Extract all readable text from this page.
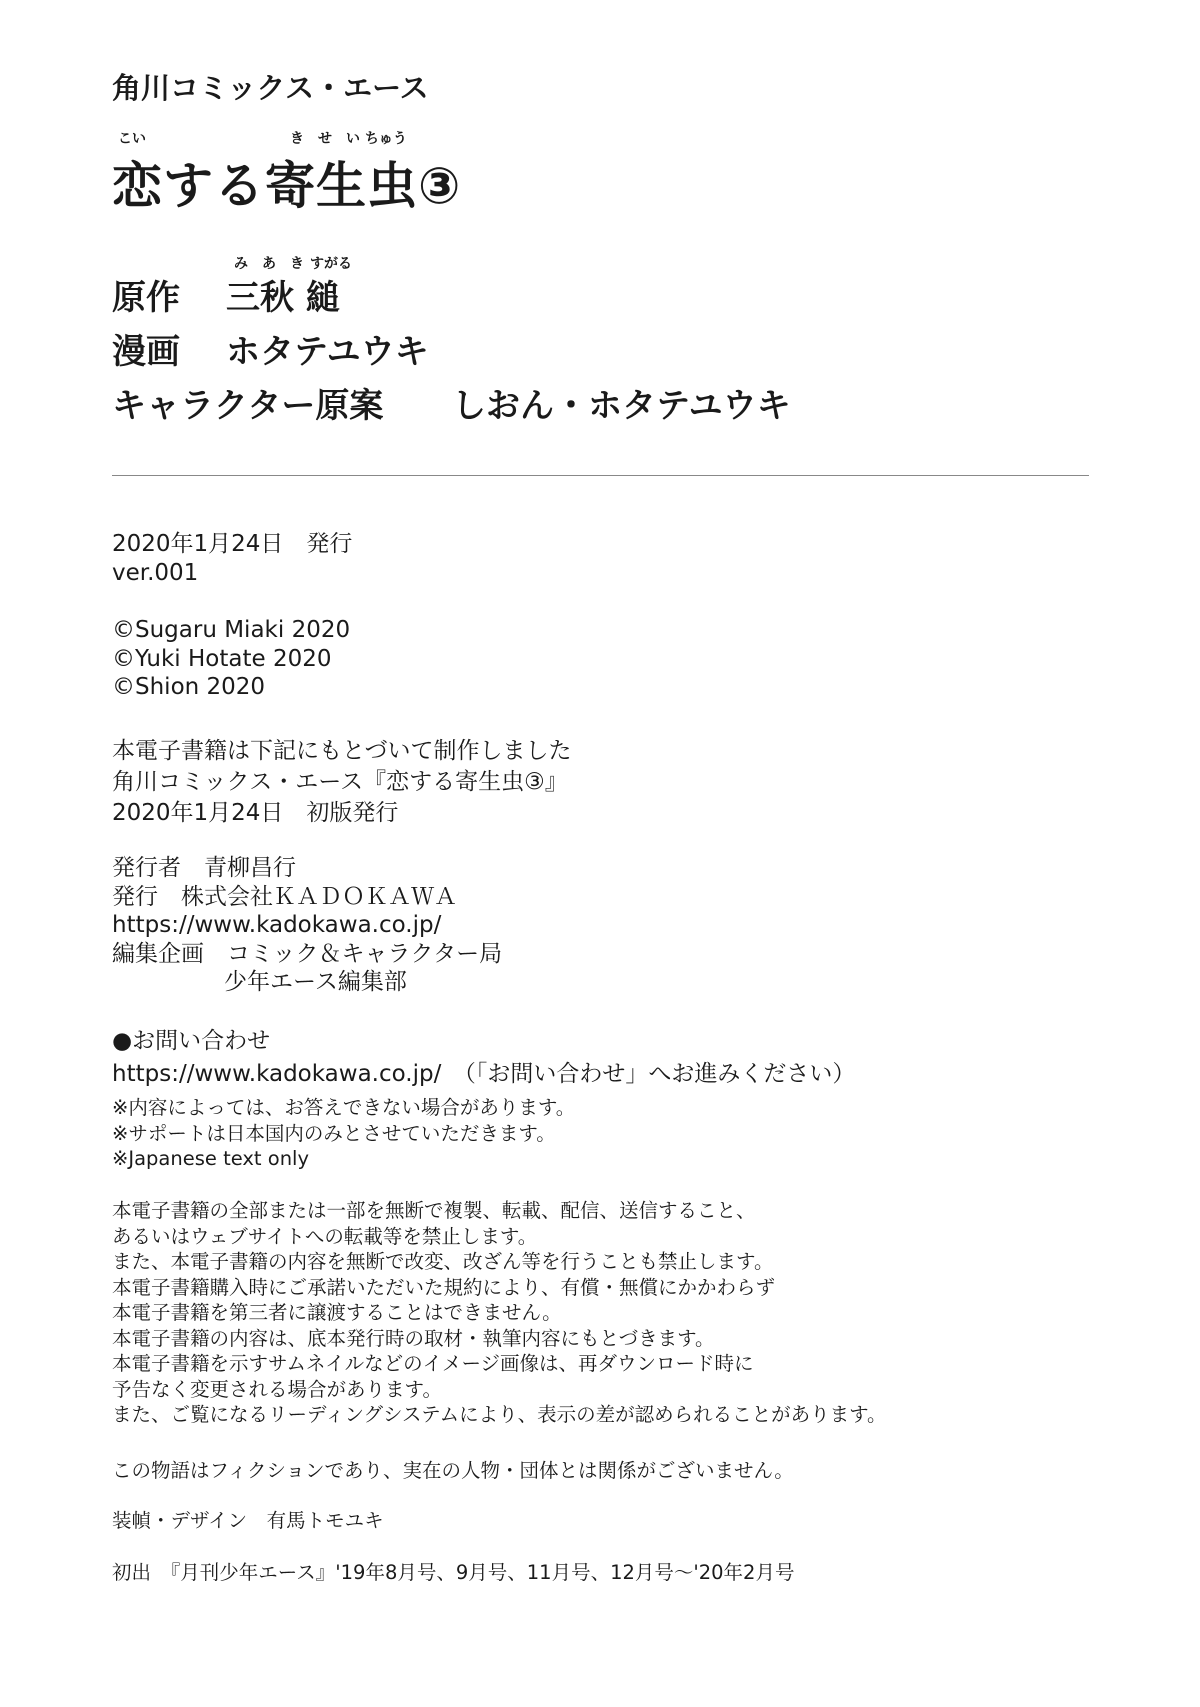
角川コミックス・エース
こい	き　せ　い ちゅう
恋する寄生虫③
み　あ　き すがる
原作 三秋 縋
漫画 ホタテユウキ
キャラクター原案 しおん・ホタテユウキ
2020年1月24日　発行
ver.001
©Sugaru Miaki 2020
©Yuki Hotate 2020
©Shion 2020
本電子書籍は下記にもとづいて制作しました
角川コミックス・エース『恋する寄生虫③』
2020年1月24日　初版発行
発行者　青柳昌行
発行　株式会社ＫＡＤＯＫＡＷＡ
https://www.kadokawa.co.jp/
編集企画　コミック＆キャラクター局
少年エース編集部
●お問い合わせ
https://www.kadokawa.co.jp/　（「お問い合わせ」へお進みください）
※内容によっては、お答えできない場合があります。
※サポートは日本国内のみとさせていただきます。
※Japanese text only
本電子書籍の全部または一部を無断で複製、転載、配信、送信すること、
あるいはウェブサイトへの転載等を禁止します。
また、本電子書籍の内容を無断で改変、改ざん等を行うことも禁止します。
本電子書籍購入時にご承諾いただいた規約により、有償・無償にかかわらず
本電子書籍を第三者に譲渡することはできません。
本電子書籍の内容は、底本発行時の取材・執筆内容にもとづきます。
本電子書籍を示すサムネイルなどのイメージ画像は、再ダウンロード時に
予告なく変更される場合があります。
また、ご覧になるリーディングシステムにより、表示の差が認められることがあります。
この物語はフィクションであり、実在の人物・団体とは関係がございません。
装幀・デザイン　有馬トモユキ
初出　『月刊少年エース』'19年8月号、9月号、11月号、12月号～'20年2月号
